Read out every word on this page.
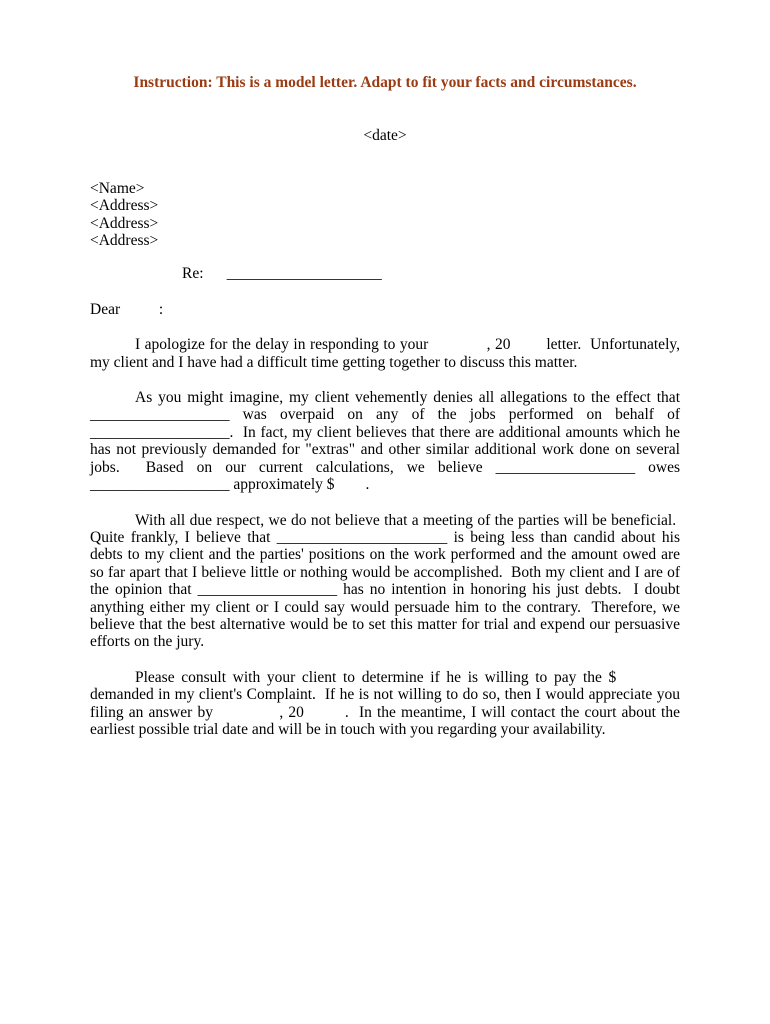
Instruction: This is a model letter. Adapt to fit your facts and circumstances.
<date>
<Name>
<Address>
<Address>
<Address>
Re:      ____________________
Dear          :

I apologize for the delay in responding to your             , 20        letter.  Unfortunately, my client and I have had a difficult time getting together to discuss this matter.

As you might imagine, my client vehemently denies all allegations to the effect that __________________ was overpaid on any of the jobs performed on behalf of __________________.  In fact, my client believes that there are additional amounts which he has not previously demanded for "extras" and other similar additional work done on several jobs.  Based on our current calculations, we believe __________________ owes __________________ approximately $        .

With all due respect, we do not believe that a meeting of the parties will be beneficial.  Quite frankly, I believe that ______________________ is being less than candid about his debts to my client and the parties' positions on the work performed and the amount owed are so far apart that I believe little or nothing would be accomplished.  Both my client and I are of the opinion that __________________ has no intention in honoring his just debts.  I doubt anything either my client or I could say would persuade him to the contrary.  Therefore, we believe that the best alternative would be to set this matter for trial and expend our persuasive efforts on the jury.

Please consult with your client to determine if he is willing to pay the $           demanded in my client's Complaint.  If he is not willing to do so, then I would appreciate you filing an answer by             , 20        .  In the meantime, I will contact the court about the earliest possible trial date and will be in touch with you regarding your availability.
